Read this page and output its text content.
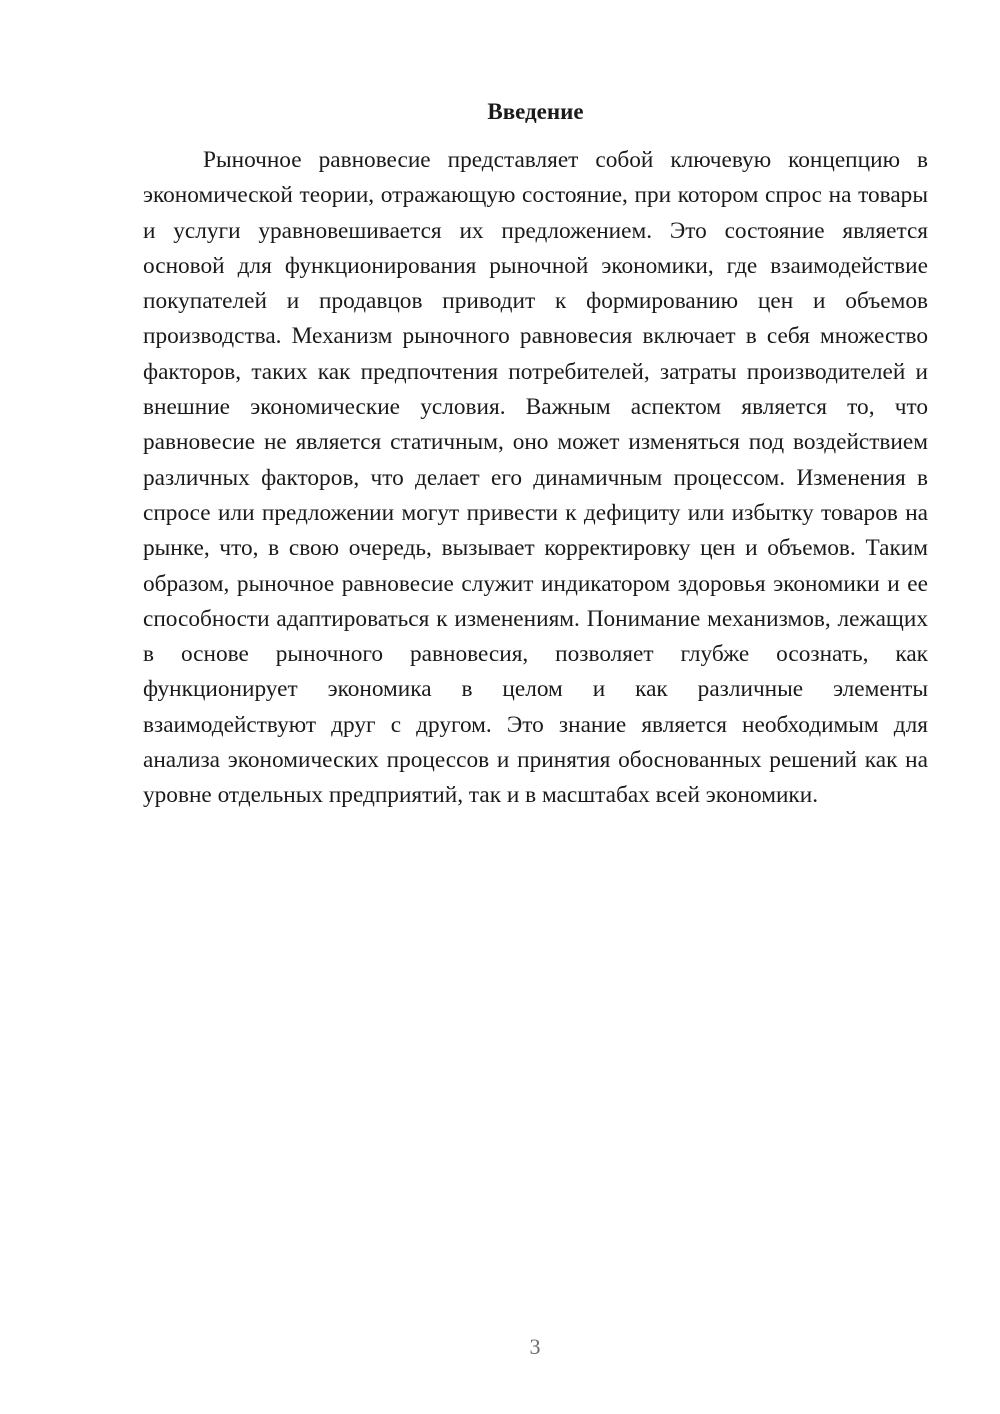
Введение

Рыночное равновесие представляет собой ключевую концепцию в экономической теории, отражающую состояние, при котором спрос на товары и услуги уравновешивается их предложением. Это состояние является основой для функционирования рыночной экономики, где взаимодействие покупателей и продавцов приводит к формированию цен и объемов производства. Механизм рыночного равновесия включает в себя множество факторов, таких как предпочтения потребителей, затраты производителей и внешние экономические условия. Важным аспектом является то, что равновесие не является статичным, оно может изменяться под воздействием различных факторов, что делает его динамичным процессом. Изменения в спросе или предложении могут привести к дефициту или избытку товаров на рынке, что, в свою очередь, вызывает корректировку цен и объемов. Таким образом, рыночное равновесие служит индикатором здоровья экономики и ее способности адаптироваться к изменениям. Понимание механизмов, лежащих в основе рыночного равновесия, позволяет глубже осознать, как функционирует экономика в целом и как различные элементы взаимодействуют друг с другом. Это знание является необходимым для анализа экономических процессов и принятия обоснованных решений как на уровне отдельных предприятий, так и в масштабах всей экономики.

3
